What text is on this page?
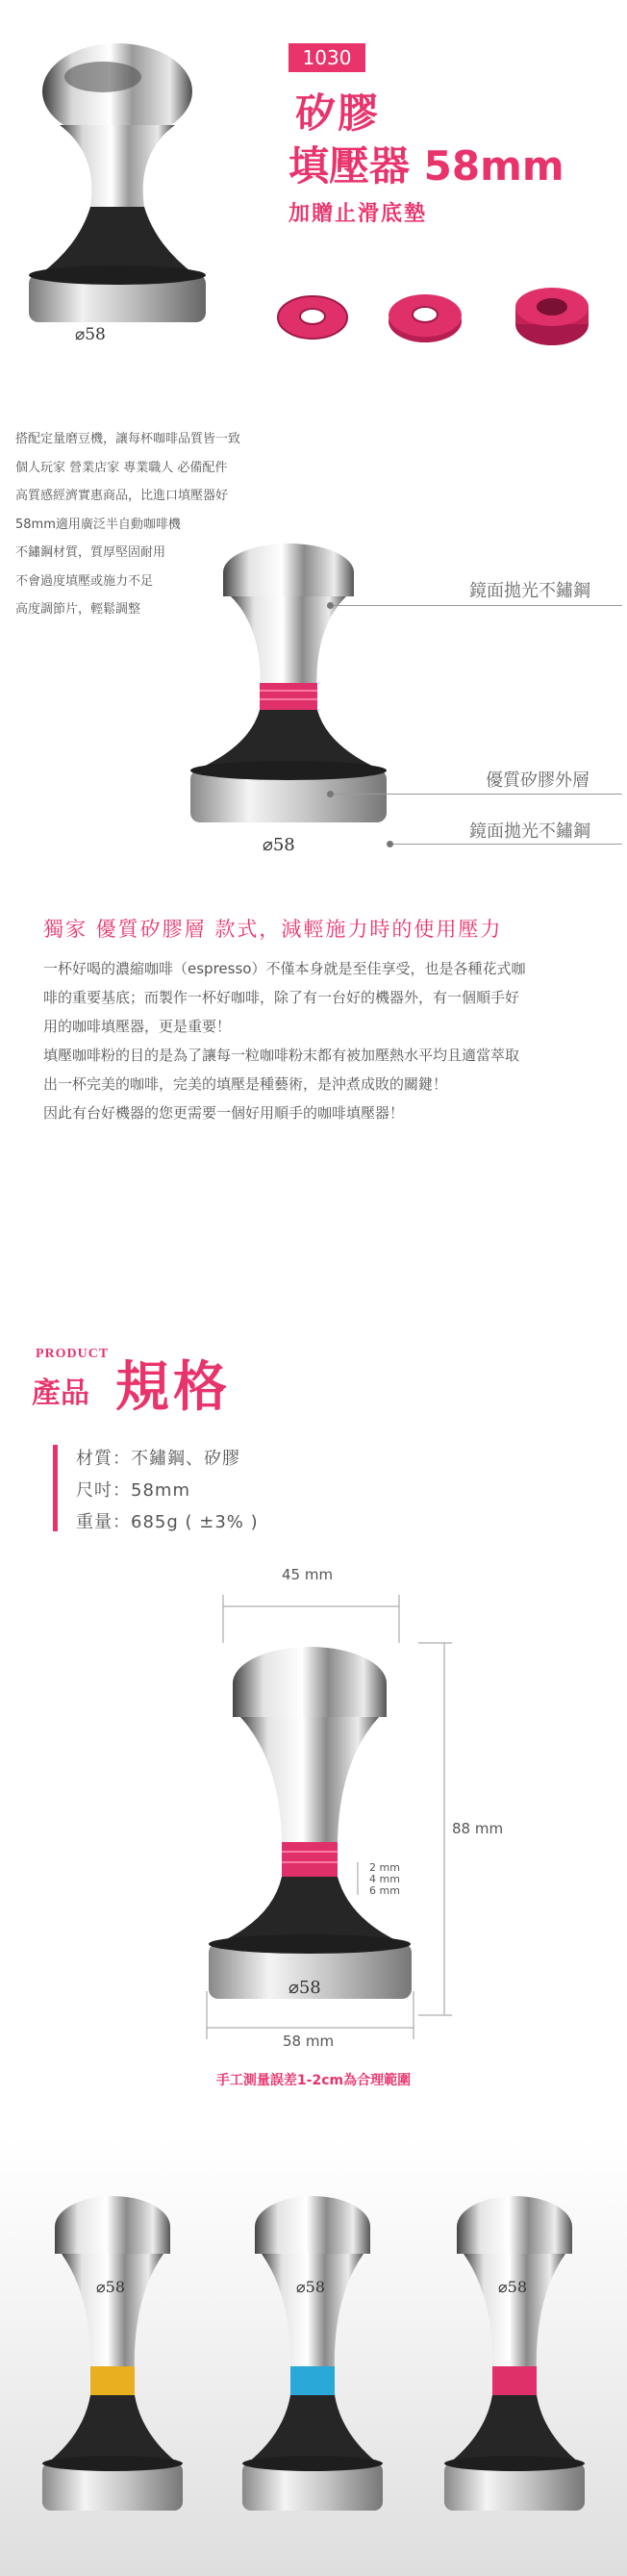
⌀58
1030
矽膠
填壓器 58mm
加贈止滑底墊
搭配定量磨豆機，讓每杯咖啡品質皆一致
個人玩家 營業店家 專業職人 必備配件
高質感經濟實惠商品，比進口填壓器好
58mm適用廣泛半自動咖啡機
不鏽鋼材質，質厚堅固耐用
不會過度填壓或施力不足
高度調節片，輕鬆調整
⌀58
鏡面拋光不鏽鋼
優質矽膠外層
鏡面拋光不鏽鋼
獨家 優質矽膠層 款式，減輕施力時的使用壓力
一杯好喝的濃縮咖啡（espresso）不僅本身就是至佳享受，也是各種花式咖
啡的重要基底；而製作一杯好咖啡，除了有一台好的機器外，有一個順手好
用的咖啡填壓器，更是重要！
填壓咖啡粉的目的是為了讓每一粒咖啡粉末都有被加壓熱水平均且適當萃取
出一杯完美的咖啡，完美的填壓是種藝術，是沖煮成敗的關鍵！
因此有台好機器的您更需要一個好用順手的咖啡填壓器！
PRODUCT
產品 規格
材質：不鏽鋼、矽膠
尺吋：58mm
重量：685g ( ±3% )
45 mm
88 mm
58 mm
2 mm
4 mm
6 mm
⌀58
手工測量誤差1-2cm為合理範圍
⌀58	⌀58	⌀58
